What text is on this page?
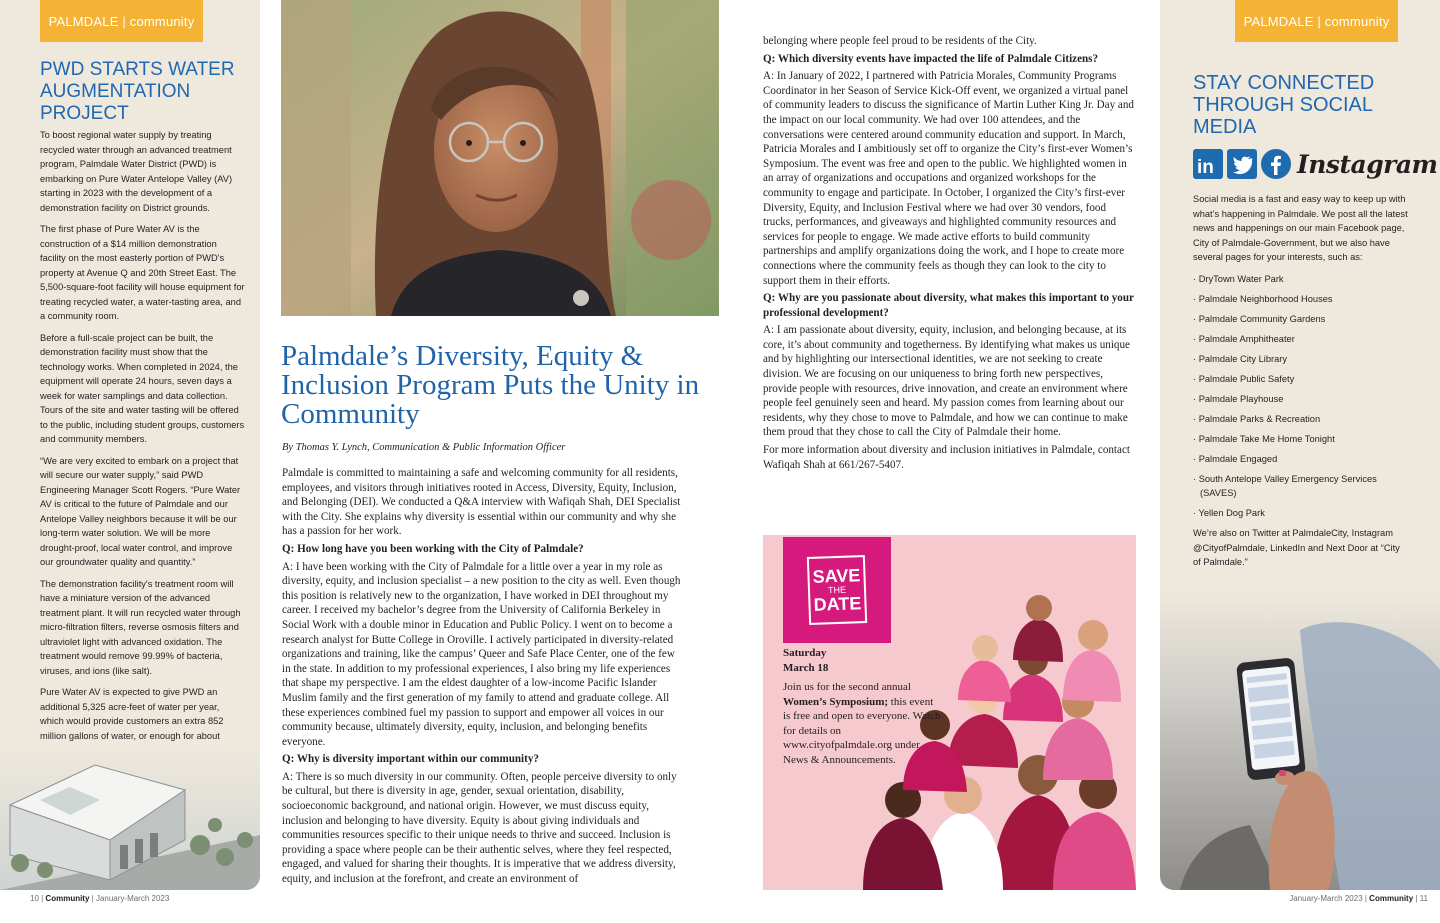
PALMDALE | community
PWD STARTS WATER AUGMENTATION PROJECT

To boost regional water supply by treating recycled water through an advanced treatment program, Palmdale Water District (PWD) is embarking on Pure Water Antelope Valley (AV) starting in 2023 with the development of a demonstration facility on District grounds.

The first phase of Pure Water AV is the construction of a $14 million demonstration facility on the most easterly portion of PWD's property at Avenue Q and 20th Street East. The 5,500-square-foot facility will house equipment for treating recycled water, a water-tasting area, and a community room.

Before a full-scale project can be built, the demonstration facility must show that the technology works. When completed in 2024, the equipment will operate 24 hours, seven days a week for water samplings and data collection. Tours of the site and water tasting will be offered to the public, including student groups, customers and community members.

“We are very excited to embark on a project that will secure our water supply,” said PWD Engineering Manager Scott Rogers. “Pure Water AV is critical to the future of Palmdale and our Antelope Valley neighbors because it will be our long-term water solution. We will be more drought-proof, local water control, and improve our groundwater quality and quantity.”

The demonstration facility's treatment room will have a miniature version of the advanced treatment plant. It will run recycled water through micro-filtration filters, reverse osmosis filters and ultraviolet light with advanced oxidation. The treatment would remove 99.99% of bacteria, viruses, and ions (like salt).

Pure Water AV is expected to give PWD an additional 5,325 acre-feet of water per year, which would provide customers an extra 852 million gallons of water, or enough for about

Palmdale’s Diversity, Equity & Inclusion Program Puts the Unity in Community
By Thomas Y. Lynch, Communication & Public Information Officer

Palmdale is committed to maintaining a safe and welcoming community for all residents, employees, and visitors through initiatives rooted in Access, Diversity, Equity, Inclusion, and Belonging (DEI). We conducted a Q&A interview with Wafiqah Shah, DEI Specialist with the City. She explains why diversity is essential within our community and why she has a passion for her work.

Q: How long have you been working with the City of Palmdale?

A: I have been working with the City of Palmdale for a little over a year in my role as diversity, equity, and inclusion specialist – a new position to the city as well. Even though this position is relatively new to the organization, I have worked in DEI throughout my career. I received my bachelor’s degree from the University of California Berkeley in Social Work with a double minor in Education and Public Policy. I went on to become a research analyst for Butte College in Oroville. I actively participated in diversity-related organizations and training, like the campus’ Queer and Safe Place Center, one of the few in the state. In addition to my professional experiences, I also bring my life experiences that shape my perspective. I am the eldest daughter of a low-income Pacific Islander Muslim family and the first generation of my family to attend and graduate college. All these experiences combined fuel my passion to support and empower all voices in our community because, ultimately diversity, equity, inclusion, and belonging benefits everyone.

Q: Why is diversity important within our community?

A: There is so much diversity in our community. Often, people perceive diversity to only be cultural, but there is diversity in age, gender, sexual orientation, disability, socioeconomic background, and national origin. However, we must discuss equity, inclusion and belonging to have diversity. Equity is about giving individuals and communities resources specific to their unique needs to thrive and succeed. Inclusion is providing a space where people can be their authentic selves, where they feel respected, engaged, and valued for sharing their thoughts. It is imperative that we address diversity, equity, and inclusion at the forefront, and create an environment of

belonging where people feel proud to be residents of the City.

Q: Which diversity events have impacted the life of Palmdale Citizens?

A: In January of 2022, I partnered with Patricia Morales, Community Programs Coordinator in her Season of Service Kick-Off event, we organized a virtual panel of community leaders to discuss the significance of Martin Luther King Jr. Day and the impact on our local community. We had over 100 attendees, and the conversations were centered around community education and support. In March, Patricia Morales and I ambitiously set off to organize the City’s first-ever Women’s Symposium. The event was free and open to the public. We highlighted women in an array of organizations and occupations and organized workshops for the community to engage and participate. In October, I organized the City’s first-ever Diversity, Equity, and Inclusion Festival where we had over 30 vendors, food trucks, performances, and giveaways and highlighted community resources and services for people to engage. We made active efforts to build community partnerships and amplify organizations doing the work, and I hope to create more connections where the community feels as though they can look to the city to support them in their efforts.

Q: Why are you passionate about diversity, what makes this important to your professional development?

A: I am passionate about diversity, equity, inclusion, and belonging because, at its core, it’s about community and togetherness. By identifying what makes us unique and by highlighting our intersectional identities, we are not seeking to create division. We are focusing on our uniqueness to bring forth new perspectives, provide people with resources, drive innovation, and create an environment where people feel genuinely seen and heard. My passion comes from learning about our residents, why they chose to move to Palmdale, and how we can continue to make them proud that they chose to call the City of Palmdale their home.

For more information about diversity and inclusion initiatives in Palmdale, contact Wafiqah Shah at 661/267-5407.

SAVE
THE
DATE
Saturday
March 18
Join us for the second annual Women’s Symposium; this event is free and open to everyone. Watch for details on www.cityofpalmdale.org under News & Announcements.
PALMDALE | community
STAY CONNECTED THROUGH SOCIAL MEDIA
in	Instagram

Social media is a fast and easy way to keep up with what’s happening in Palmdale. We post all the latest news and happenings on our main Facebook page, City of Palmdale-Government, but we also have several pages for your interests, such as:

· DryTown Water Park
· Palmdale Neighborhood Houses
· Palmdale Community Gardens
· Palmdale Amphitheater
· Palmdale City Library
· Palmdale Public Safety
· Palmdale Playhouse
· Palmdale Parks & Recreation
· Palmdale Take Me Home Tonight
· Palmdale Engaged
· South Antelope Valley Emergency Services (SAVES)
· Yellen Dog Park

We’re also on Twitter at PalmdaleCity, Instagram @CityofPalmdale, LinkedIn and Next Door at “City of Palmdale.”

10 | Community | January-March 2023	January-March 2023 | Community | 11
